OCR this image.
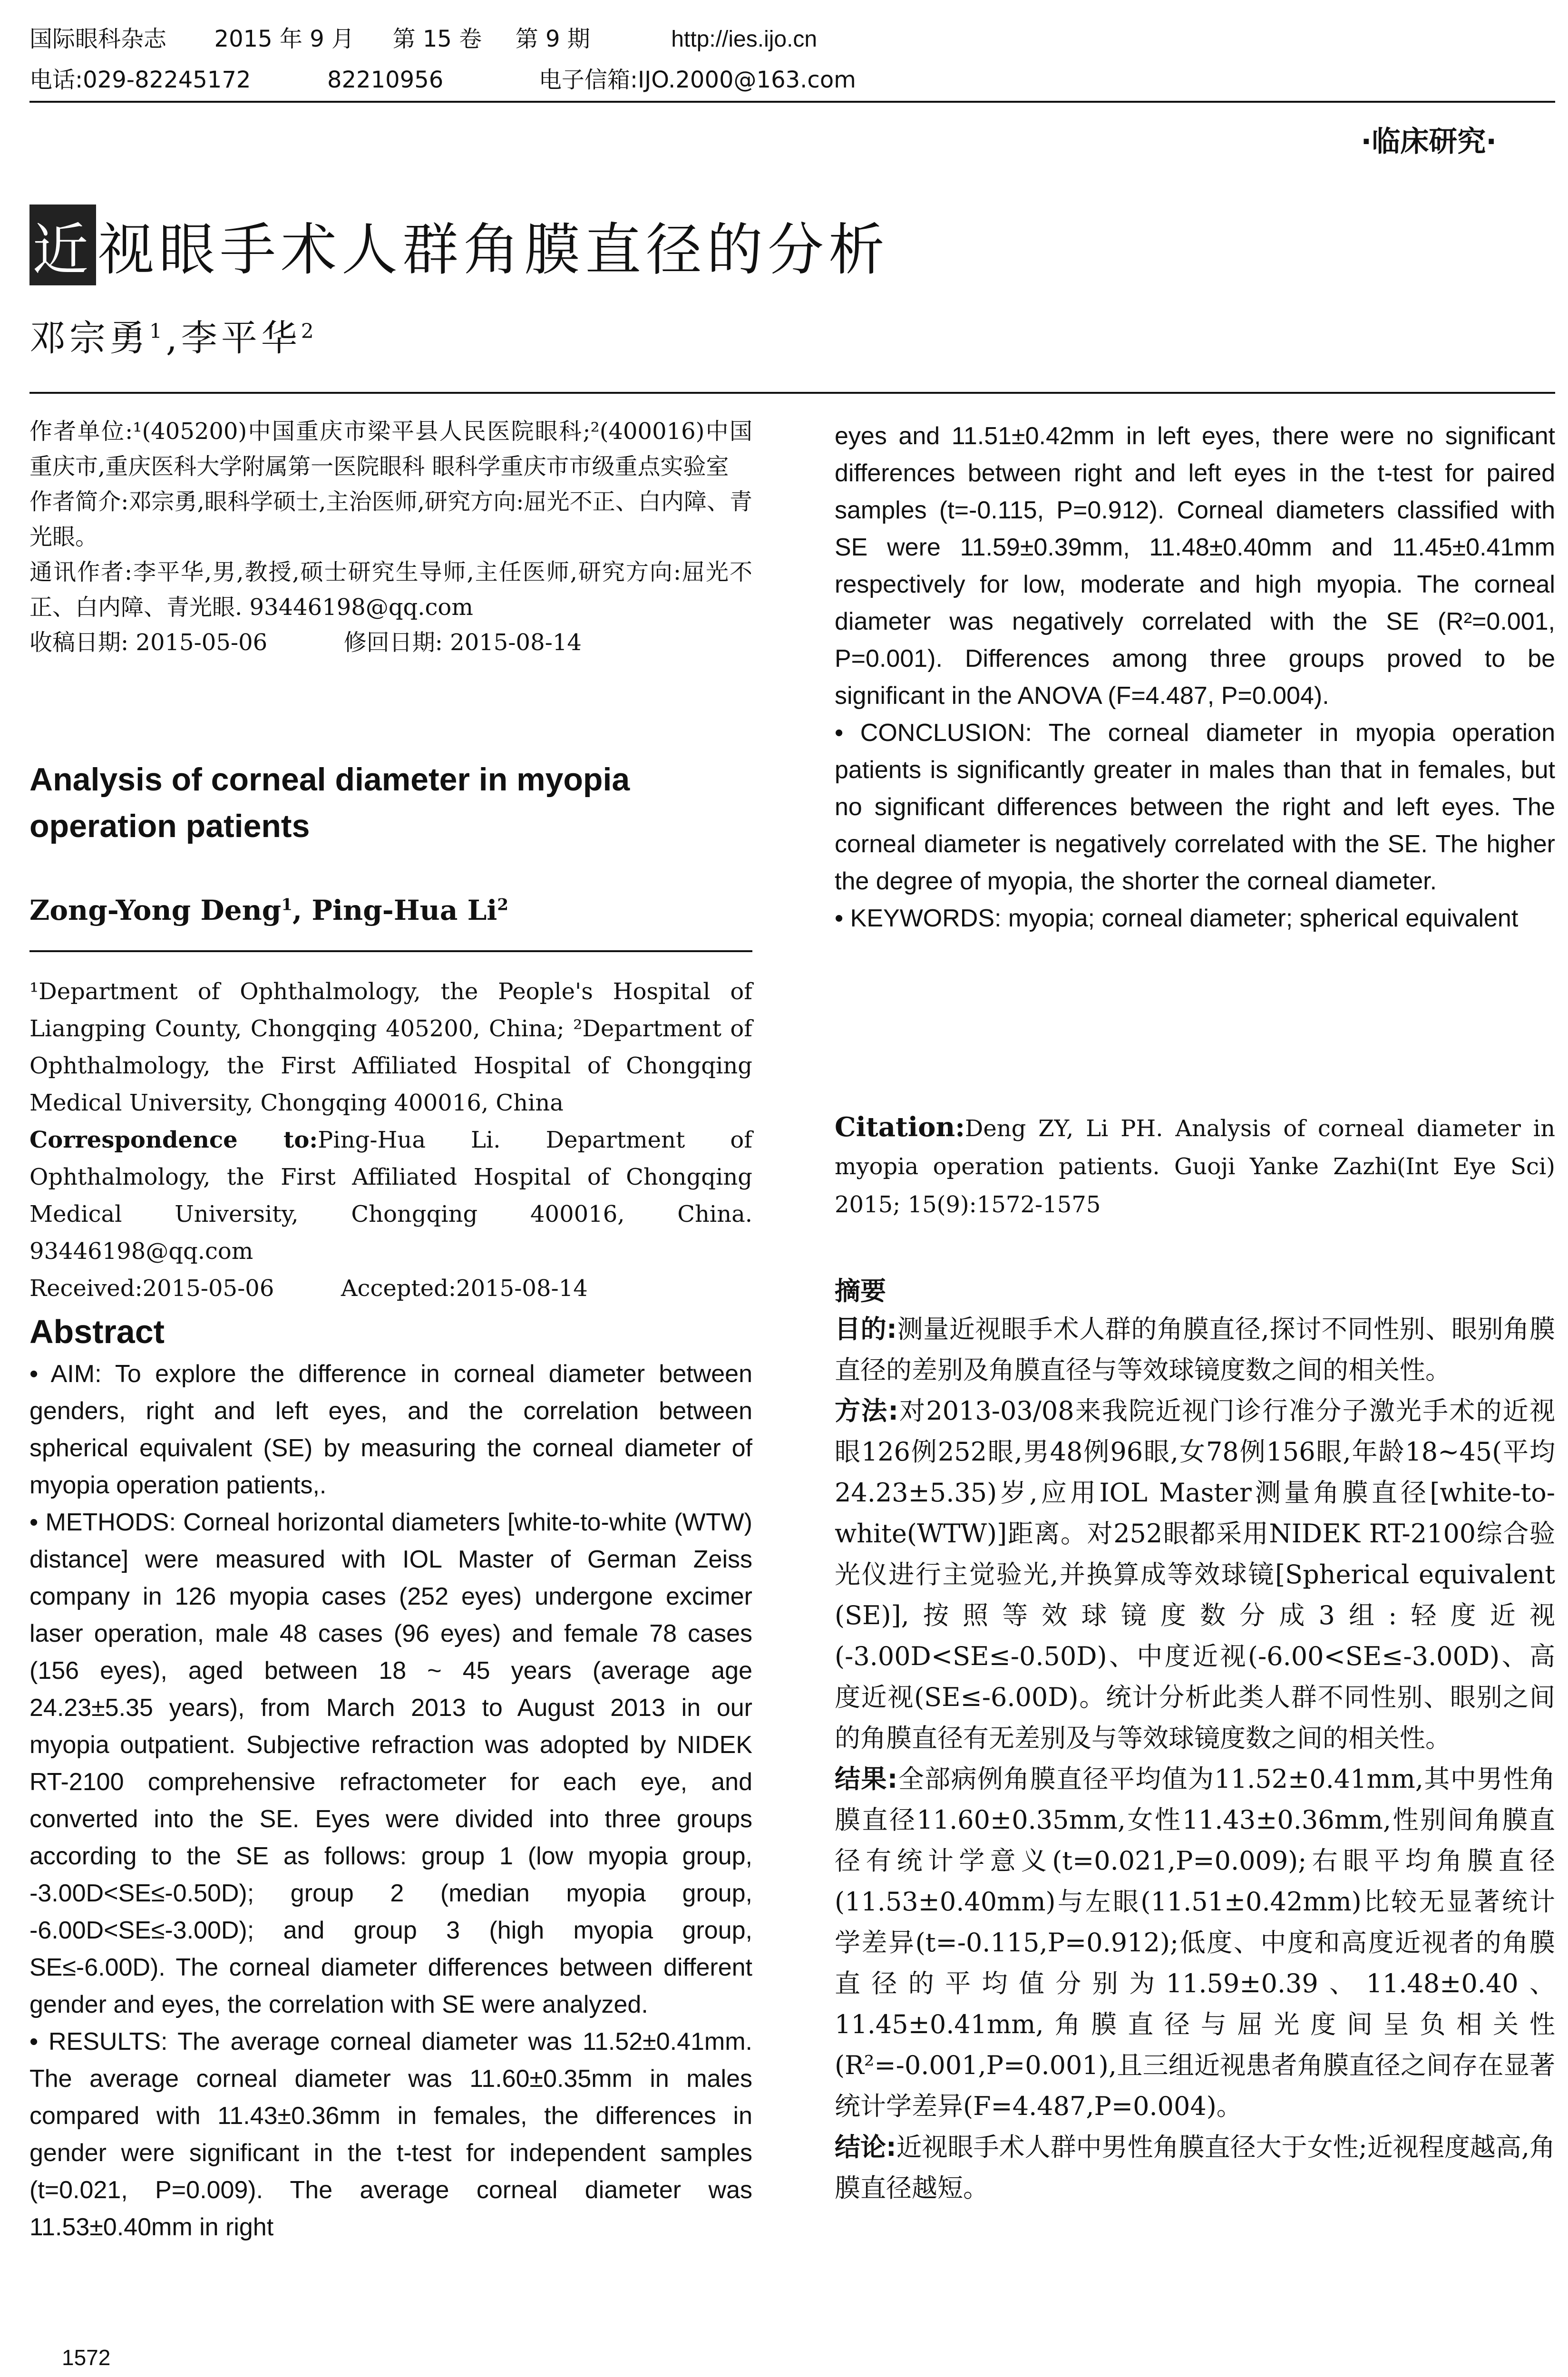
国际眼科杂志 2015 年 9 月 第 15 卷 第 9 期	http://ies.ijo.cn
电话:029-82245172	82210956	电子信箱:IJO.2000@163.com
·临床研究·
近视眼手术人群角膜直径的分析
邓宗勇$^1$,李平华$^2$

作者单位:¹(405200)中国重庆市梁平县人民医院眼科;²(400016)中国重庆市,重庆医科大学附属第一医院眼科 眼科学重庆市市级重点实验室

作者简介:邓宗勇,眼科学硕士,主治医师,研究方向:屈光不正、白内障、青光眼。

通讯作者:李平华,男,教授,硕士研究生导师,主任医师,研究方向:屈光不正、白内障、青光眼. 93446198@qq.com

收稿日期: 2015-05-06	修回日期: 2015-08-14

Analysis of corneal diameter in myopia operation patients
Zong-Yong Deng$^1$, Ping-Hua Li$^2$

¹Department of Ophthalmology, the People's Hospital of Liangping County, Chongqing 405200, China; ²Department of Ophthalmology, the First Affiliated Hospital of Chongqing Medical University, Chongqing 400016, China

Correspondence to:Ping-Hua Li. Department of Ophthalmology, the First Affiliated Hospital of Chongqing Medical University, Chongqing 400016, China. 93446198@qq.com

Received:2015-05-06	Accepted:2015-08-14

Abstract

• AIM: To explore the difference in corneal diameter between genders, right and left eyes, and the correlation between spherical equivalent (SE) by measuring the corneal diameter of myopia operation patients,.

• METHODS: Corneal horizontal diameters [white-to-white (WTW) distance] were measured with IOL Master of German Zeiss company in 126 myopia cases (252 eyes) undergone excimer laser operation, male 48 cases (96 eyes) and female 78 cases (156 eyes), aged between 18 ~ 45 years (average age 24.23±5.35 years), from March 2013 to August 2013 in our myopia outpatient. Subjective refraction was adopted by NIDEK RT-2100 comprehensive refractometer for each eye, and converted into the SE. Eyes were divided into three groups according to the SE as follows: group 1 (low myopia group, -3.00D<SE≤-0.50D); group 2 (median myopia group, -6.00D<SE≤-3.00D); and group 3 (high myopia group, SE≤-6.00D). The corneal diameter differences between different gender and eyes, the correlation with SE were analyzed.

• RESULTS: The average corneal diameter was 11.52±0.41mm. The average corneal diameter was 11.60±0.35mm in males compared with 11.43±0.36mm in females, the differences in gender were significant in the t-test for independent samples (t=0.021, P=0.009). The average corneal diameter was 11.53±0.40mm in right

eyes and 11.51±0.42mm in left eyes, there were no significant differences between right and left eyes in the t-test for paired samples (t=-0.115, P=0.912). Corneal diameters classified with SE were 11.59±0.39mm, 11.48±0.40mm and 11.45±0.41mm respectively for low, moderate and high myopia. The corneal diameter was negatively correlated with the SE (R²=0.001, P=0.001). Differences among three groups proved to be significant in the ANOVA (F=4.487, P=0.004).

• CONCLUSION: The corneal diameter in myopia operation patients is significantly greater in males than that in females, but no significant differences between the right and left eyes. The corneal diameter is negatively correlated with the SE. The higher the degree of myopia, the shorter the corneal diameter.

• KEYWORDS: myopia; corneal diameter; spherical equivalent

Citation:Deng ZY, Li PH. Analysis of corneal diameter in myopia operation patients. Guoji Yanke Zazhi(Int Eye Sci) 2015; 15(9):1572-1575
摘要

目的:测量近视眼手术人群的角膜直径,探讨不同性别、眼别角膜直径的差别及角膜直径与等效球镜度数之间的相关性。

方法:对2013-03/08来我院近视门诊行准分子激光手术的近视眼126例252眼,男48例96眼,女78例156眼,年龄18~45(平均24.23±5.35)岁,应用IOL Master测量角膜直径[white-to-white(WTW)]距离。对252眼都采用NIDEK RT-2100综合验光仪进行主觉验光,并换算成等效球镜[Spherical equivalent (SE)],按照等效球镜度数分成3组:轻度近视(-3.00D<SE≤-0.50D)、中度近视(-6.00<SE≤-3.00D)、高度近视(SE≤-6.00D)。统计分析此类人群不同性别、眼别之间的角膜直径有无差别及与等效球镜度数之间的相关性。

结果:全部病例角膜直径平均值为11.52±0.41mm,其中男性角膜直径11.60±0.35mm,女性11.43±0.36mm,性别间角膜直径有统计学意义(t=0.021,P=0.009);右眼平均角膜直径(11.53±0.40mm)与左眼(11.51±0.42mm)比较无显著统计学差异(t=-0.115,P=0.912);低度、中度和高度近视者的角膜直径的平均值分别为11.59±0.39、11.48±0.40、11.45±0.41mm,角膜直径与屈光度间呈负相关性(R²=-0.001,P=0.001),且三组近视患者角膜直径之间存在显著统计学差异(F=4.487,P=0.004)。

结论:近视眼手术人群中男性角膜直径大于女性;近视程度越高,角膜直径越短。

1572
